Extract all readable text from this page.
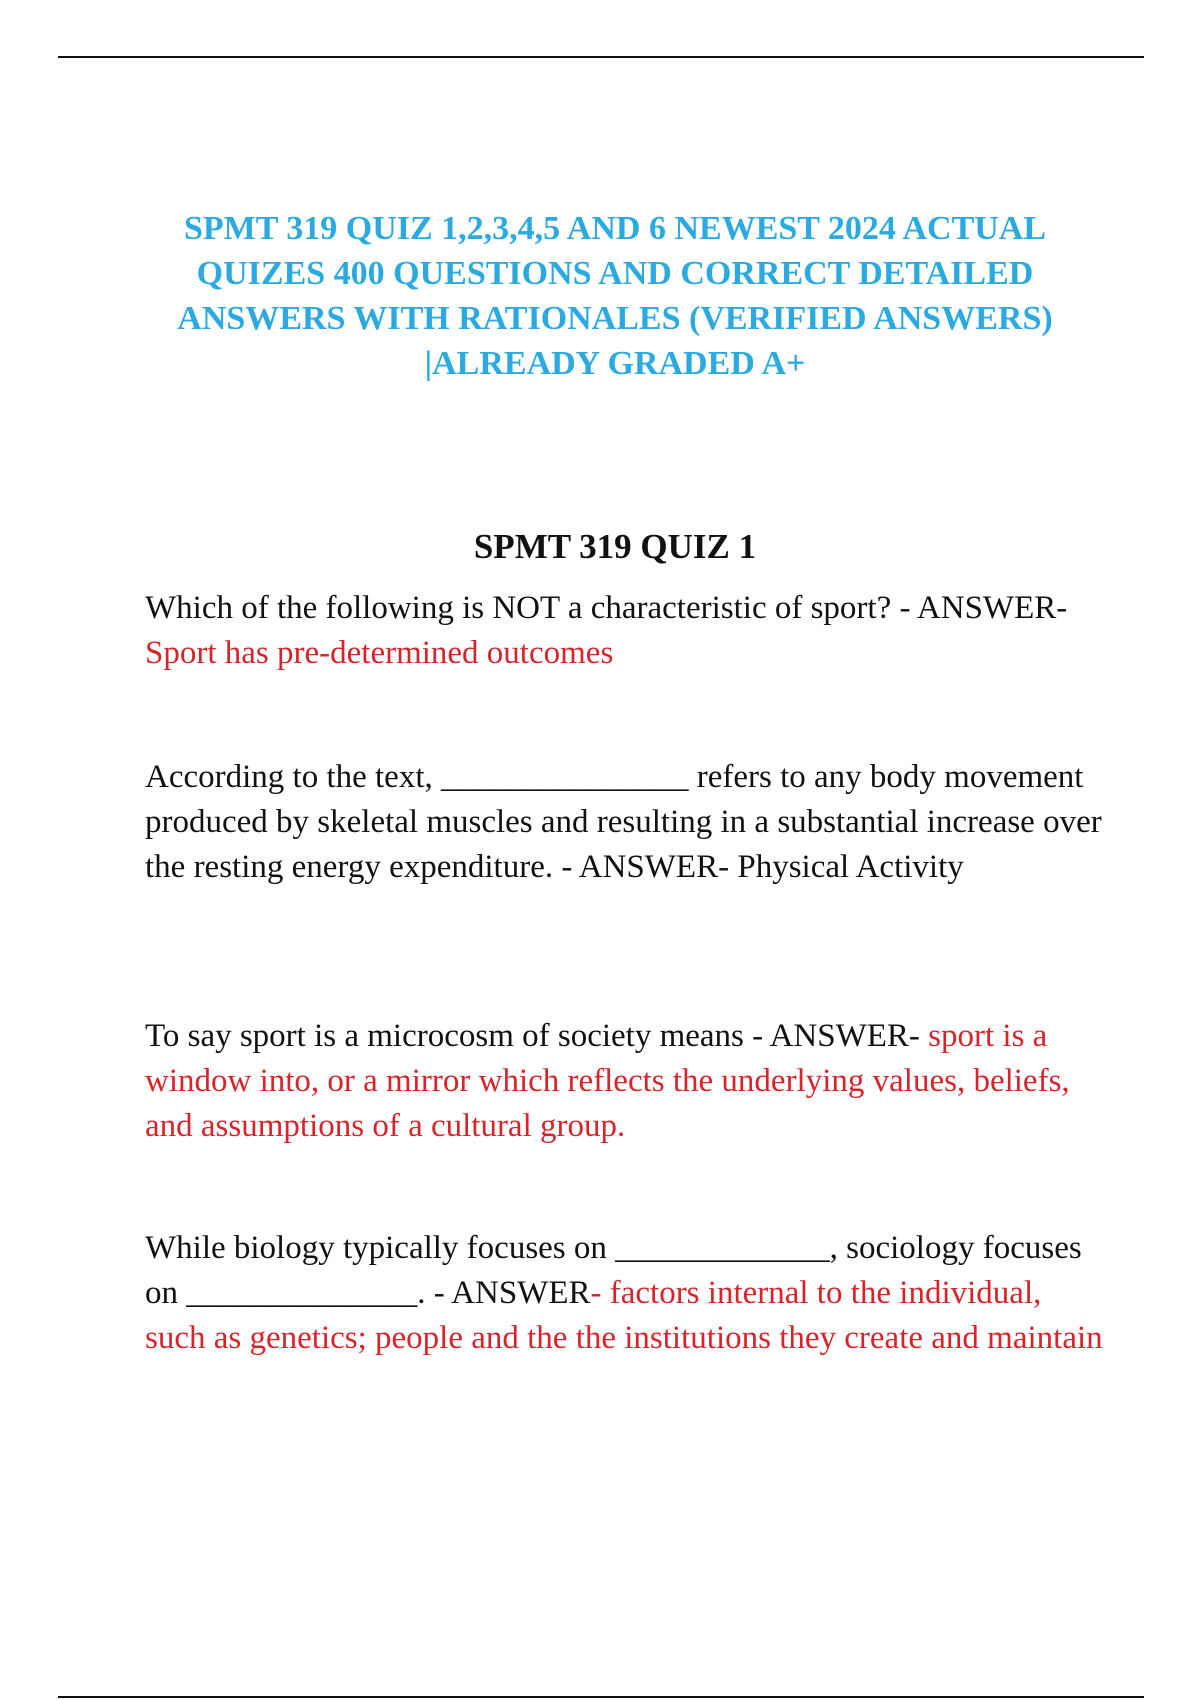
SPMT 319 QUIZ 1,2,3,4,5 AND 6 NEWEST 2024 ACTUAL QUIZES 400 QUESTIONS AND CORRECT DETAILED ANSWERS WITH RATIONALES (VERIFIED ANSWERS) |ALREADY GRADED A+
SPMT 319 QUIZ 1

Which of the following is NOT a characteristic of sport? - ANSWER- Sport has pre-determined outcomes

According to the text, _______________ refers to any body movement produced by skeletal muscles and resulting in a substantial increase over the resting energy expenditure. - ANSWER- Physical Activity

To say sport is a microcosm of society means - ANSWER- sport is a window into, or a mirror which reflects the underlying values, beliefs, and assumptions of a cultural group.

While biology typically focuses on _____________, sociology focuses on ______________. - ANSWER- factors internal to the individual, such as genetics; people and the the institutions they create and maintain
